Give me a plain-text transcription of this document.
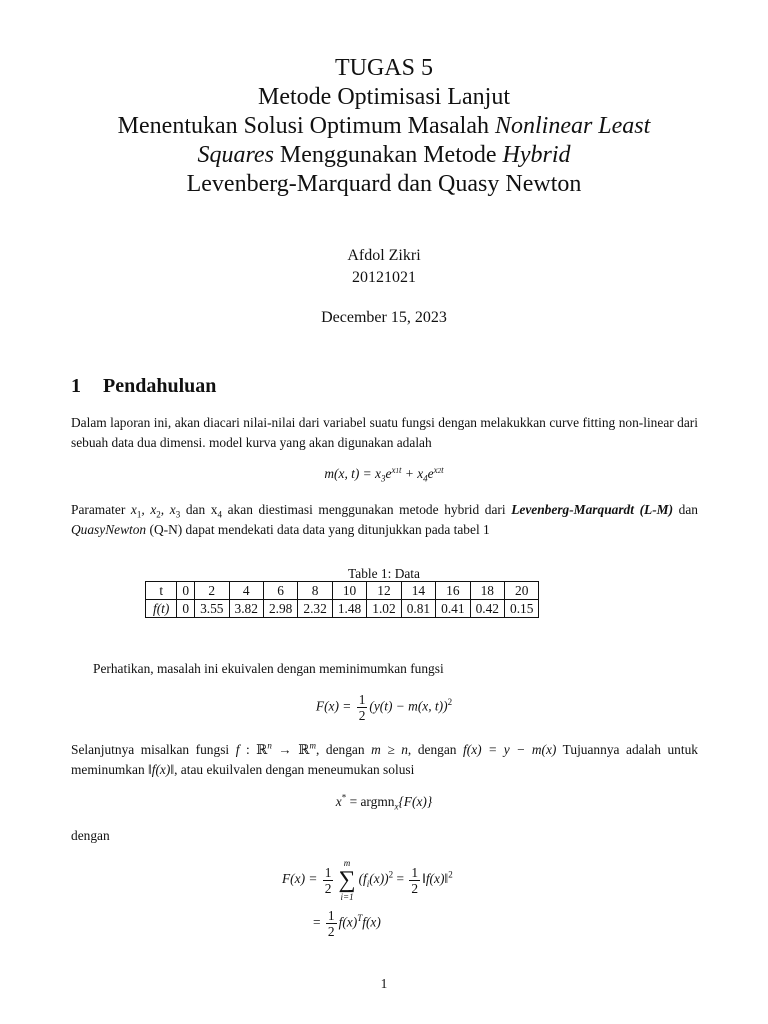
TUGAS 5
Metode Optimisasi Lanjut
Menentukan Solusi Optimum Masalah Nonlinear Least
Squares Menggunakan Metode Hybrid
Levenberg-Marquard dan Quasy Newton
Afdol Zikri
20121021
December 15, 2023
1 Pendahuluan
Dalam laporan ini, akan diacari nilai-nilai dari variabel suatu fungsi dengan melakukkan curve fitting non-linear dari sebuah data dua dimensi. model kurva yang akan digunakan adalah
m(x, $t) = x_3e^{x1t} + x_4e^{x2t}$
Paramater $x_1$, $x_2$, $x_3$ dan $x_4$ akan diestimasi menggunakan metode hybrid dari Levenberg-Marquardt (L-M) dan QuasyNewton (Q-N) dapat mendekati data data yang ditunjukkan pada tabel 1
Table 1: Data
t	0	2	4	6	8	10	12	14	16	18	20
f(t)	0	3.55	3.82	2.98	2.32	1.48	1.02	0.81	0.41	0.42	0.15
Perhatikan, masalah ini ekuivalen dengan meminimumkan fungsi
$F(x) = \frac{1}{2} (y(t) - m(x$, t))$^2$
Selanjutnya misalkan fungsi f : ℝ$^n$ → ℝ$^m$, dengan m ≥ n, dengan f(x) = y − m(x) Tujuannya adalah untuk meminumkan ‖f(x)‖, atau ekuilvalen dengan meneumukan solusi
x* = argmn$_x${F(x)}
dengan
$F(x) = \frac{1}{2}$
m
∑
i=1
$(f_i(x))^2 = \frac{1}{2}$ ‖f(x)‖$^2$
= $\frac{1}{2} f(x)^Tf(x)$
1
